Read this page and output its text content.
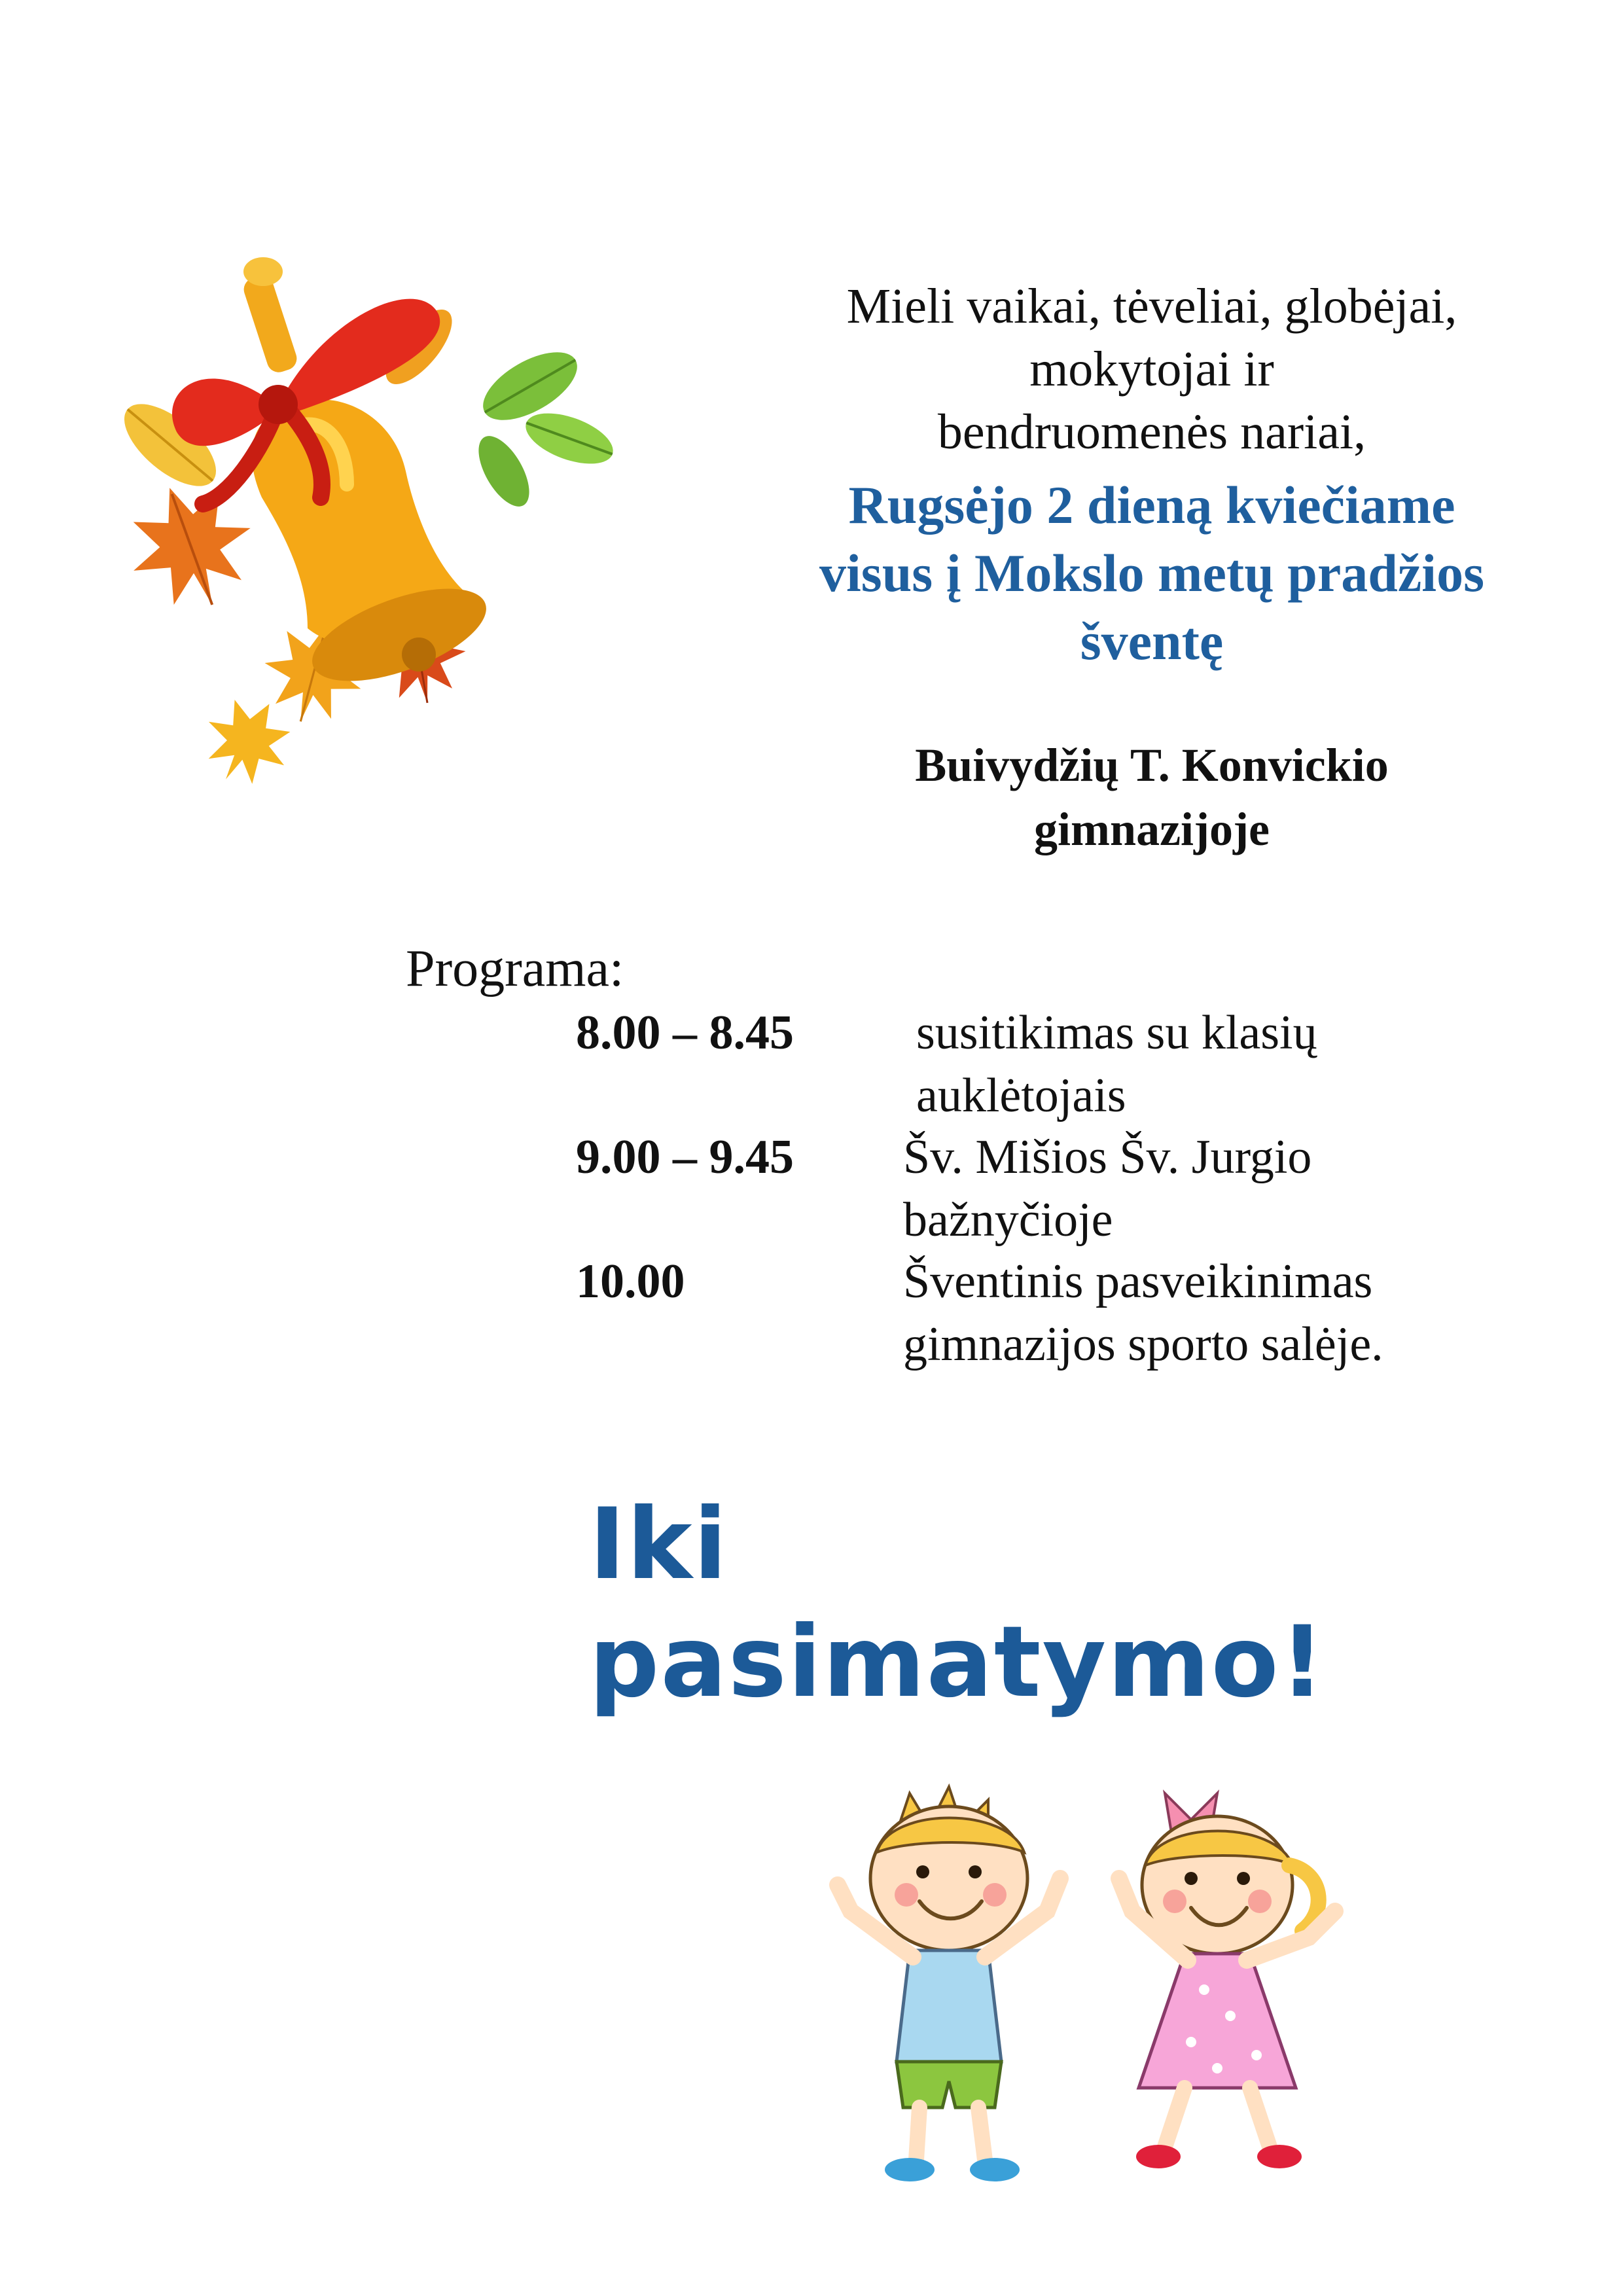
Mieli vaikai, tėveliai, globėjai,
mokytojai ir
bendruomenės nariai,
Rugsėjo 2 dieną kviečiame
visus į Mokslo metų pradžios
šventę
Buivydžių T. Konvickio
gimnazijoje
Programa:
8.00 – 8.45	susitikimas su klasių
auklėtojais
9.00 – 9.45 Šv. Mišios Šv. Jurgio
bažnyčioje
10.00	Šventinis pasveikinimas
gimnazijos sporto salėje.
Iki pasimatymo!
